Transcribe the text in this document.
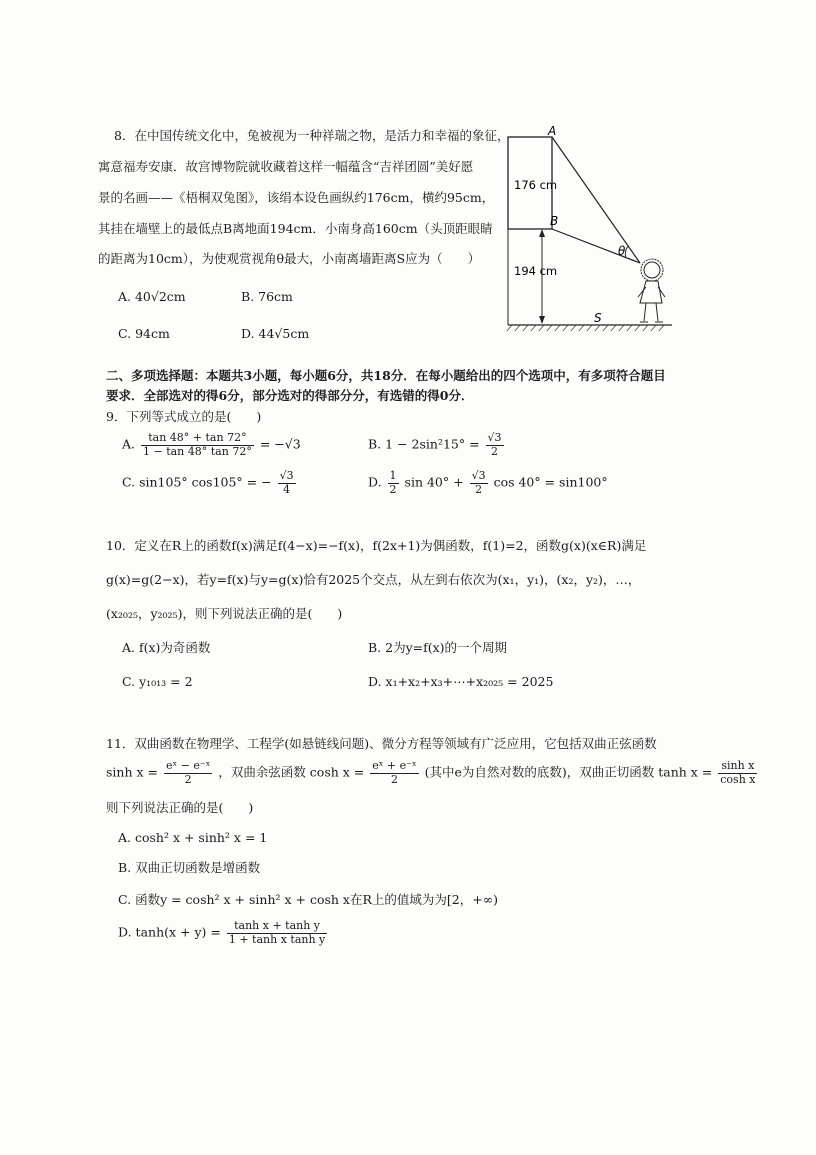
8．在中国传统文化中，兔被视为一种祥瑞之物，是活力和幸福的象征，
寓意福寿安康．故宫博物院就收藏着这样一幅蕴含“吉祥团圆”美好愿
景的名画——《梧桐双兔图》，该绢本设色画纵约176cm，横约95cm，
其挂在墙壁上的最低点B离地面194cm．小南身高160cm（头顶距眼睛
的距离为10cm），为使观赏视角θ最大，小南离墙距离S应为（　　）
A. 40√2cm	B. 76cm
C. 94cm	D. 44√5cm
A
B
176 cm
194 cm
θ
S
二、多项选择题：本题共3小题，每小题6分，共18分．在每小题给出的四个选项中，有多项符合题目
要求．全部选对的得6分，部分选对的得部分分，有选错的得0分．
9．下列等式成立的是(　　)
A. $\frac{\tan 48^\circ + \tan 72^\circ}{1 - \tan 48^\circ \tan 72^\circ} = -√3$	B. $1 - 2\sin^215^\circ = \frac{√3}{2}$
C. sin105° cos105° = − $\frac{√3}{4}$	D. $\frac{1}{2}$ $\sin 40^\circ + \frac{√3}{2}$ cos 40° = sin100°
10．定义在R上的函数f(x)满足f(4−x)=−f(x)，f(2x+1)为偶函数，f(1)=2，函数g(x)(x∈R)满足
g(x)=g(2−x)，若y=f(x)与y=g(x)恰有2025个交点，从左到右依次为(x₁，y₁)，(x₂，y₂)，…，
(x₂₀₂₅，y₂₀₂₅)，则下列说法正确的是(　　)
A. f(x)为奇函数	B. 2为y=f(x)的一个周期
C. y₁₀₁₃ = 2	D. x₁+x₂+x₃+⋯+x₂₀₂₅ = 2025
11．双曲函数在物理学、工程学(如悬链线问题)、微分方程等领域有广泛应用，它包括双曲正弦函数
$\sinh x = \frac{\text{eˣ − e⁻ˣ}}{2}$ ，双曲余弦函数 $\cosh x = \frac{\text{eˣ + e⁻ˣ}}{2}$ (其中e为自然对数的底数)，双曲正切函数 $\tanh x = \frac{\text{sinh x}}{\text{cosh x}}$
则下列说法正确的是(　　)
A. cosh² x + sinh² x = 1
B. 双曲正切函数是增函数
C. 函数y = cosh² x + sinh² x + cosh x在R上的值域为为[2，+∞)
D. $\tanh(x + y) = \frac{\text{tanh x + tanh y}}{\text{1 + tanh x tanh y}}$
